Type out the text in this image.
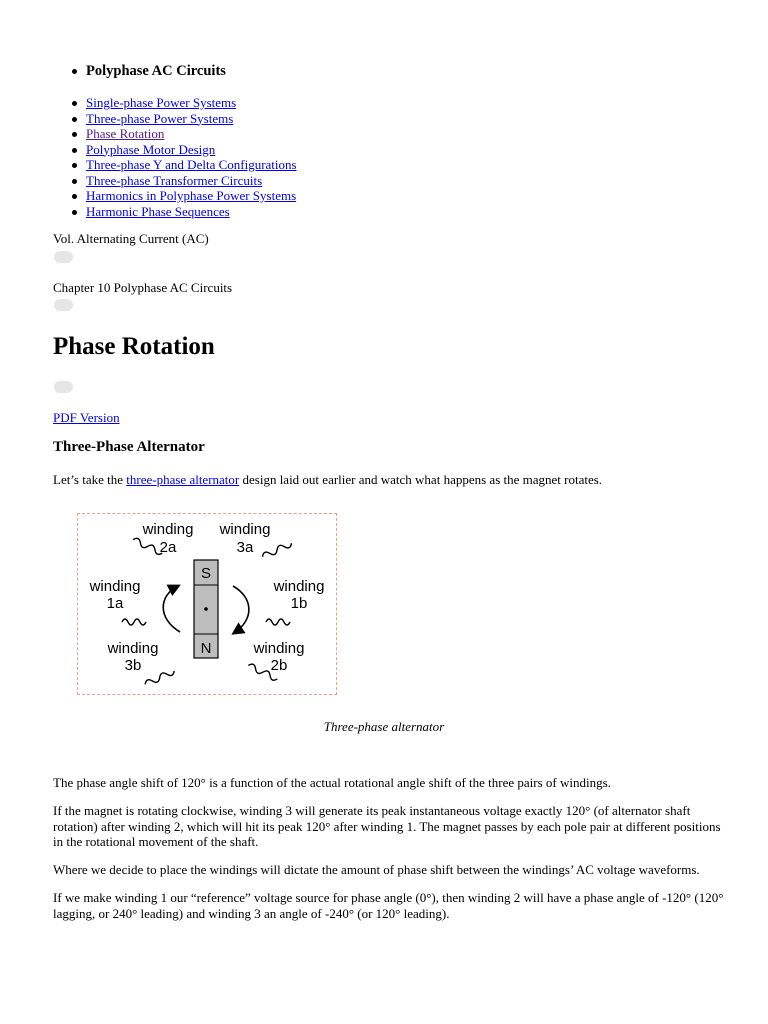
Polyphase AC Circuits
Single-phase Power Systems
Three-phase Power Systems
Phase Rotation
Polyphase Motor Design
Three-phase Y and Delta Configurations
Three-phase Transformer Circuits
Harmonics in Polyphase Power Systems
Harmonic Phase Sequences
Vol. Alternating Current (AC)
Chapter 10 Polyphase AC Circuits
Phase Rotation
PDF Version
Three-Phase Alternator

Let’s take the three-phase alternator design laid out earlier and watch what happens as the magnet rotates.

winding
2a
winding
3a
winding
1a
winding
1b
winding
3b
winding
2b
S
N
Three-phase alternator

The phase angle shift of 120° is a function of the actual rotational angle shift of the three pairs of windings.

If the magnet is rotating clockwise, winding 3 will generate its peak instantaneous voltage exactly 120° (of alternator shaft rotation) after winding 2, which will hit its peak 120° after winding 1. The magnet passes by each pole pair at different positions in the rotational movement of the shaft.

Where we decide to place the windings will dictate the amount of phase shift between the windings’ AC voltage waveforms.

If we make winding 1 our “reference” voltage source for phase angle (0°), then winding 2 will have a phase angle of -120° (120° lagging, or 240° leading) and winding 3 an angle of -240° (or 120° leading).
